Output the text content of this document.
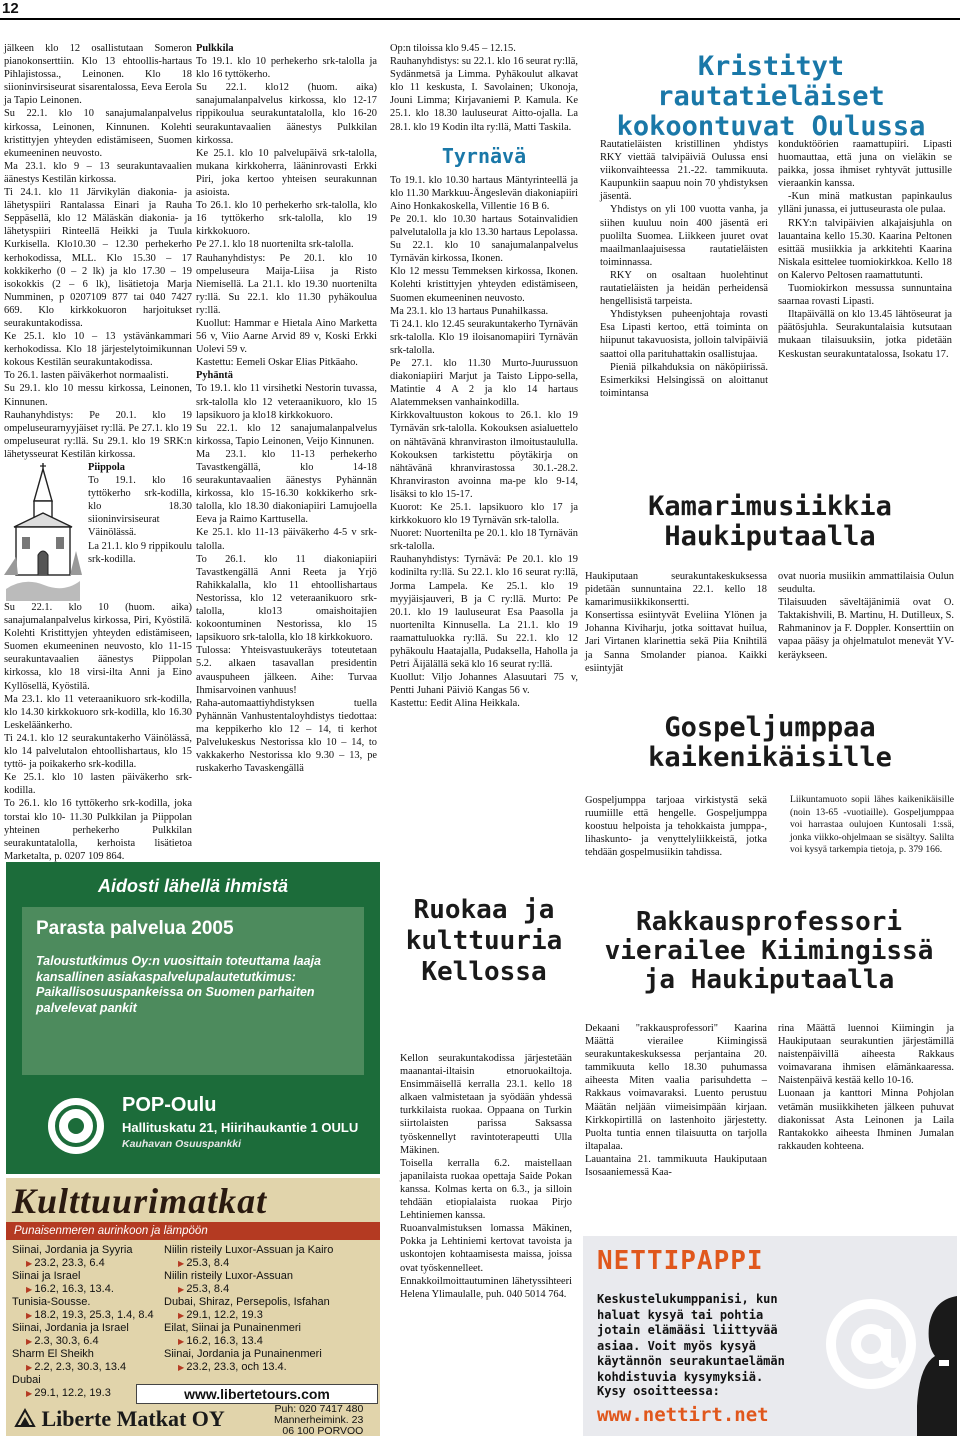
12

jälkeen klo 12 osallistutaan Someron pianokonserttiin. Klo 13 ehtoollis-hartaus Pihlajistossa., Leinonen. Klo 18 siioninvirsiseurat sisarentalossa, Eeva Eerola ja Tapio Leinonen.

Su 22.1. klo 10 sanajumalanpalvelus kirkossa, Leinonen, Kinnunen. Kolehti kristittyjen yhteyden edistämiseen, Suomen ekumeeninen neuvosto.

Ma 23.1. klo 9 – 13 seurakuntavaalien äänestys Kestilän kirkossa.

Ti 24.1. klo 11 Järvikylän diakonia- ja lähetyspiiri Rantalassa Einari ja Rauha Seppäsellä, klo 12 Mäläskän diakonia- ja lähetyspiiri Rinteellä Heikki ja Tuula Kurkisella. Klo10.30 – 12.30 perhekerho kerhokodissa, MLL. Klo 15.30 – 17 kokkikerho (0 – 2 lk) ja klo 17.30 – 19 isokokkis (2 – 6 lk), lisätietoja Marja Numminen, p 0207109 877 tai 040 7427 669. Klo kirkkokuoron harjoitukset seurakuntakodissa.

Ke 25.1. klo 10 – 13 ystävänkammari kerhokodissa. Klo 18 järjestelytoimikunnan kokous Kestilän seurakuntakodissa.

To 26.1. lasten päiväkerhot normaalisti.

Su 29.1. klo 10 messu kirkossa, Leinonen, Kinnunen.

Rauhanyhdistys: Pe 20.1. klo 19 ompeluseurarnyyjäiset ry:llä. Pe 27.1. klo 19 ompeluseurat ry:llä. Su 29.1. klo 19 SRK:n lähetysseurat Kestilän kirkossa.

Piippola

To 19.1. klo 16 tyttökerho srk-kodilla, klo 18.30 siioninvirsiseurat Väinölässä.

La 21.1. klo 9 rippikoulu srk-kodilla.

Su 22.1. klo 10 (huom. aika) sanajumalanpalvelus kirkossa, Piri, Kyöstilä. Kolehti Kristittyjen yhteyden edistämiseen, Suomen ekumeeninen neuvosto, klo 11-15 seurakuntavaalien äänestys Piippolan kirkossa, klo 18 virsi-ilta Anni ja Eino Kyllösellä, Kyöstilä.

Ma 23.1. klo 11 veteraanikuoro srk-kodilla, klo 14.30 kirkkokuoro srk-kodilla, klo 16.30 Leskeläänkerho.

Ti 24.1. klo 12 seurakuntakerho Väinölässä, klo 14 palvelutalon ehtoollishartaus, klo 15 tyttö- ja poikakerho srk-kodilla.

Ke 25.1. klo 10 lasten päiväkerho srk-kodilla.

To 26.1. klo 16 tyttökerho srk-kodilla, joka torstai klo 10- 11.30 Pulkkilan ja Piippolan yhteinen perhekerho Pulkkilan seurakuntatalolla, kerhoista lisätietoa Marketalta, p. 0207 109 864.

Pulkkila

To 19.1. klo 10 perhekerho srk-talolla ja klo 16 tyttökerho.

Su 22.1. klo12 (huom. aika) sanajumalanpalvelus kirkossa, klo 12-17 rippikoulua seurakuntatalolla, klo 16-20 seurakuntavaalien äänestys Pulkkilan kirkossa.

Ke 25.1. klo 10 palvelupäivä srk-talolla, mukana kirkkoherra, lääninrovasti Erkki Piri, joka kertoo yhteisen seurakunnan asioista.

To 26.1. klo 10 perhekerho srk-talolla, klo 16 tyttökerho srk-talolla, klo 19 kirkkokuoro.

Pe 27.1. klo 18 nuortenilta srk-talolla.

Rauhanyhdistys: Pe 20.1. klo 10 ompeluseura Maija-Liisa ja Risto Niemisellä. La 21.1. klo 19.30 nuortenilta ry:llä. Su 22.1. klo 11.30 pyhäkoulua ry:llä.

Kuollut: Hammar e Hietala Aino Marketta 56 v, Viio Aarne Arvid 89 v, Koski Erkki Uolevi 59 v.

Kastettu: Eemeli Oskar Elias Pitkäaho.

Pyhäntä

To 19.1. klo 11 virsihetki Nestorin tuvassa, srk-talolla klo 12 veteraanikuoro, klo 15 lapsikuoro ja klo18 kirkkokuoro.

Su 22.1. klo 12 sanajumalanpalvelus kirkossa, Tapio Leinonen, Veijo Kinnunen.

Ma 23.1. klo 11-13 perhekerho Tavastkengällä, klo 14-18 seurakuntavaalien äänestys Pyhännän kirkossa, klo 15-16.30 kokkikerho srk-talolla, klo 18.30 diakoniapiiri Lamujoella Eeva ja Raimo Karttusella.

Ke 25.1. klo 11-13 päiväkerho 4-5 v srk-talolla.

To 26.1. klo 11 diakoniapiiri Tavastkengällä Anni Reeta ja Yrjö Rahikkalalla, klo 11 ehtoollishartaus Nestorissa, klo 12 veteraanikuoro srk-talolla, klo13 omaishoitajien kokoontuminen Nestorissa, klo 15 lapsikuoro srk-talolla, klo 18 kirkkokuoro.

Tulossa: Yhteisvastuukeräys toteutetaan 5.2. alkaen tasavallan presidentin avauspuheen jälkeen. Aihe: Turvaa Ihmisarvoinen vanhuus!

Raha-automaattiyhdistyksen tuella Pyhännän Vanhustentaloyhdistys tiedottaa: ma keppikerho klo 12 – 14, ti kerhot Palvelukeskus Nestorissa klo 10 – 14, to vakkakerho Nestorissa klo 9.30 – 13, pe ruskakerho Tavaskengällä

Op:n tiloissa klo 9.45 – 12.15.

Rauhanyhdistys: su 22.1. klo 16 seurat ry:llä, Sydänmetsä ja Limma. Pyhäkoulut alkavat klo 11 keskusta, I. Savolainen; Ukonoja, Jouni Limma; Kirjavaniemi P. Kamula. Ke 25.1. klo 18.30 lauluseurat Aitto-ojalla. La 28.1. klo 19 Kodin ilta ry:llä, Matti Taskila.

Tyrnävä

To 19.1. klo 10.30 hartaus Mäntyrinteellä ja klo 11.30 Markkuu-Ängeslevän diakoniapiiri Aino Honkakoskella, Villentie 16 B 6.

Pe 20.1. klo 10.30 hartaus Sotainvalidien palvelutalolla ja klo 13.30 hartaus Lepolassa.

Su 22.1. klo 10 sanajumalanpalvelus Tyrnävän kirkossa, Ikonen.

Klo 12 messu Temmeksen kirkossa, Ikonen. Kolehti kristittyjen yhteyden edistämiseen, Suomen ekumeeninen neuvosto.

Ma 23.1. klo 13 hartaus Punahilkassa.

Ti 24.1. klo 12.45 seurakuntakerho Tyrnävän srk-talolla. Klo 19 iloisanomapiiri Tyrnävän srk-talolla.

Pe 27.1. klo 11.30 Murto-Juurussuon diakoniapiiri Marjut ja Taisto Lippo-sella, Matintie 4 A 2 ja klo 14 hartaus Alatemmeksen vanhainkodilla.

Kirkkovaltuuston kokous to 26.1. klo 19 Tyrnävän srk-talolla. Kokouksen asialuettelo on nähtävänä khranviraston ilmoitustaululla. Kokouksen tarkistettu pöytäkirja on nähtävänä khranvirastossa 30.1.-28.2. Khranviraston avoinna ma-pe klo 9-14, lisäksi to klo 15-17.

Kuorot: Ke 25.1. lapsikuoro klo 17 ja kirkkokuoro klo 19 Tyrnävän srk-talolla.

Nuoret: Nuortenilta pe 20.1. klo 18 Tyrnävän srk-talolla.

Rauhanyhdistys: Tyrnävä: Pe 20.1. klo 19 kodinilta ry:llä. Su 22.1. klo 16 seurat ry:llä, Jorma Lampela. Ke 25.1. klo 19 myyjäisjauveri, B ja C ry:llä. Murto: Pe 20.1. klo 19 lauluseurat Esa Paasolla ja nuortenilta Kinnusella. La 21.1. klo 19 raamattuluokka ry:llä. Su 22.1. klo 12 pyhäkoulu Haatajalla, Pudaksella, Haholla ja Petri Äijälällä sekä klo 16 seurat ry:llä.

Kuollut: Viljo Johannes Alasuutari 75 v, Pentti Juhani Päiviö Kangas 56 v.

Kastettu: Eedit Alina Heikkala.

Kristityt rautatieläiset kokoontuvat Oulussa

Rautatieläisten kristillinen yhdistys RKY viettää talvipäiviä Oulussa ensi viikonvaihteessa 21.-22. tammikuuta. Kaupunkiin saapuu noin 70 yhdistyksen jäsentä.

Yhdistys on yli 100 vuotta vanha, ja siihen kuuluu noin 400 jäsentä eri puolilta Suomea. Liikkeen juuret ovat maailmanlaajuisessa rautatieläisten toiminnassa.

RKY on osaltaan huolehtinut rautatieläisten ja heidän perheidensä hengellisistä tarpeista.

Yhdistyksen puheenjohtaja rovasti Esa Lipasti kertoo, että toiminta on hiipunut takavuosista, jolloin talvipäiviä saattoi olla parituhattakin osallistujaa.

Pieniä pilkahduksia on näköpiirissä. Esimerkiksi Helsingissä on aloittanut toimintansa

konduktöörien raamattupiiri. Lipasti huomauttaa, että juna on vieläkin se paikka, jossa ihmiset ryhtyvät juttusille vieraankin kanssa.

-Kun minä matkustan papinkaulus ylläni junassa, ei juttuseurasta ole pulaa.

RKY:n talvipäivien alkajaisjuhla on lauantaina kello 15.30. Kaarina Peltonen esittää musiikkia ja arkkitehti Kaarina Niskala esittelee tuomiokirkkoa. Kello 18 on Kalervo Peltosen raamattutunti.

Tuomiokirkon messussa sunnuntaina saarnaa rovasti Lipasti.

Iltapäivällä on klo 13.45 lähtöseurat ja päätösjuhla. Seurakuntalaisia kutsutaan mukaan tilaisuuksiin, jotka pidetään Keskustan seurakuntatalossa, Isokatu 17.

Kamarimusiikkia Haukiputaalla
Haukiputaan seurakuntakeskuksessa pidetään sunnuntaina 22.1. kello 18 kamarimusiikkikonsertti.
Konsertissa esiintyvät Eveliina Ylönen ja Johanna Kiviharju, jotka soittavat huilua, Jari Virtanen klarinettia sekä Piia Knihtilä ja Sanna Smolander pianoa. Kaikki esiintyjät
ovat nuoria musiikin ammattilaisia Oulun seudulta.
Tilaisuuden säveltäjänimiä ovat O. Taktakishvili, B. Martinu, H. Dutilleux, S. Rahmaninov ja F. Doppler. Konserttiin on vapaa pääsy ja ohjelmatulot menevät YV-keräykseen.
Gospeljumppaa kaikenikäisille
Gospeljumppa tarjoaa virkistystä sekä ruumiille että hengelle. Gospeljumppa koostuu helpoista ja tehokkaista jumppa-, lihaskunto- ja venyttelyliikkeistä, jotka tehdään gospelmusiikin tahdissa.
Liikuntamuoto sopii lähes kaikenikäisille (noin 13-65 -vuotiaille). Gospeljumppaa voi harrastaa oulujoen Kuntosali 1:ssä, jonka viikko-ohjelmaan se sisältyy. Salilta voi kysyä tarkempia tietoja, p. 379 166.
Ruokaa ja kulttuuria Kellossa
Kellon seurakuntakodissa järjestetään maanantai-iltaisin etnoruokailtoja. Ensimmäisellä kerralla 23.1. kello 18 alkaen valmistetaan ja syödään yhdessä turkkilaista ruokaa. Oppaana on Turkin siirtolaisten parissa Saksassa työskennellyt ravintoterapeutti Ulla Mäkinen.
Toisella kerralla 6.2. maistellaan japanilaista ruokaa opettaja Saide Pokan kanssa. Kolmas kerta on 6.3., ja silloin tehdään etiopialaista ruokaa Pirjo Lehtiniemen kanssa.
Ruoanvalmistuksen lomassa Mäkinen, Pokka ja Lehtiniemi kertovat tavoista ja uskontojen kohtaamisesta maissa, joissa ovat työskennelleet.
Ennakkoilmoittautuminen lähetyssihteeri Helena Ylimaulalle, puh. 040 5014 764.
Rakkausprofessori vierailee Kiimingissä ja Haukiputaalla
Dekaani "rakkausprofessori" Kaarina Määttä vierailee Kiimingissä seurakuntakeskuksessa perjantaina 20. tammikuuta kello 18.30 puhumassa aiheesta Miten vaalia parisuhdetta – Rakkaus voimavaraksi. Luento perustuu Määtän neljään viimeisimpään kirjaan. Kirkkopirtillä on lastenhoito järjestetty. Puolta tuntia ennen tilaisuutta on tarjolla iltapalaa.
Lauantaina 21. tammikuuta Haukiputaan Isosaaniemessä Kaa-
rina Määttä luennoi Kiimingin ja Haukiputaan seurakuntien järjestämillä naistenpäivillä aiheesta Rakkaus voimavarana ihmisen elämänkaaressa. Naistenpäivä kestää kello 10-16.
Luonaan ja kanttori Minna Pohjolan vetämän musiikkiheten jälkeen puhuvat diakonissat Asta Leinonen ja Laila Rantakokko aiheesta Ihminen Jumalan rakkauden kohteena.
Aidosti lähellä ihmistä
Parasta palvelua 2005
Taloustutkimus Oy:n vuosittain toteuttama laaja kansallinen asiakaspalvelupalautetutkimus: Paikallisosuuspankeissa on Suomen parhaiten palvelevat pankit
POP-Oulu
Hallituskatu 21, Hiirihaukantie 1 OULU
Kauhavan Osuuspankki
Kulttuurimatkat
Punaisenmeren aurinkoon ja lämpöön
Siinai, Jordania ja Syyria
▶ 23.2, 23.3, 6.4
Siinai ja Israel
▶ 16.2, 16.3, 13.4.
Tunisia-Sousse.
▶ 18.2, 19.3, 25.3, 1.4, 8.4
Siinai, Jordania ja Israel
▶ 2.3, 30.3, 6.4
Sharm El Sheikh
▶ 2.2, 2.3, 30.3, 13.4
Dubai
▶ 29.1, 12.2, 19.3
Niilin risteily Luxor-Assuan ja Kairo
▶ 25.3, 8.4
Niilin risteily Luxor-Assuan
▶ 25.3, 8.4
Dubai, Shiraz, Persepolis, Isfahan
▶ 29.1, 12.2, 19.3
Eilat, Siinai ja Punainenmeri
▶ 16.2, 16.3, 13.4
Siinai, Jordania ja Punainenmeri
▶ 23.2, 23.3, och 13.4.
www.libertetours.com
Liberte Matkat OY	Puh: 020 7417 480
Mannerheimink. 23
06 100 PORVOO
NETTIPAPPI
Keskustelukumppanisi, kun haluat kysyä tai pohtia jotain elämääsi liittyvää asiaa. Voit myös kysyä käytännön seurakuntaelämän kohdistuvia kysymyksiä.
Kysy osoitteessa:
www.nettirt.net
